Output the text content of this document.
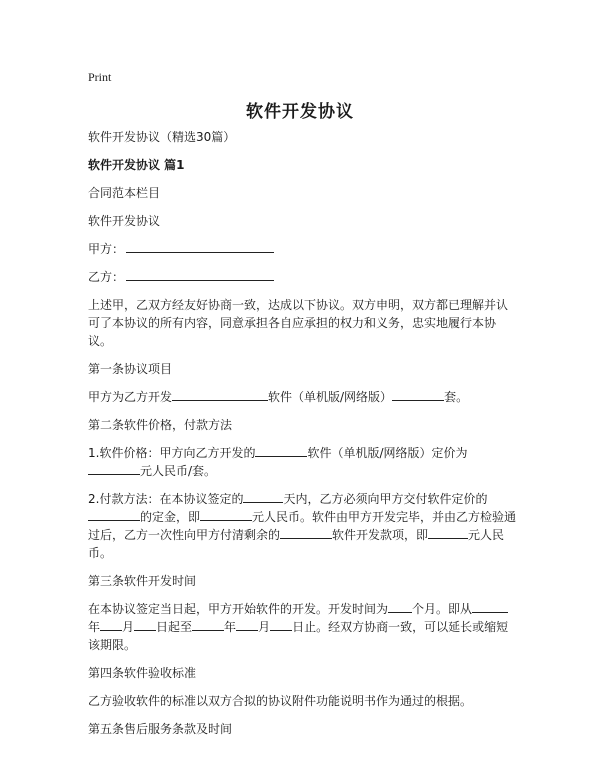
Print
软件开发协议

软件开发协议（精选30篇）

软件开发协议 篇1

合同范本栏目

软件开发协议

甲方：

乙方：

上述甲，乙双方经友好协商一致，达成以下协议。双方申明，双方都已理解并认可了本协议的所有内容，同意承担各自应承担的权力和义务，忠实地履行本协议。

第一条协议项目

甲方为乙方开发	软件（单机版/网络版）	套。

第二条软件价格，付款方法

1.软件价格：甲方向乙方开发的	软件（单机版/网络版）定价为
元人民币/套。

2.付款方法：在本协议签定的	天内，乙方必须向甲方交付软件定价的
的定金，即	元人民币。软件由甲方开发完毕，并由乙方检验通过后，乙方一次性向甲方付清剩余的	软件开发款项，即	元人民币。

第三条软件开发时间

在本协议签定当日起，甲方开始软件的开发。开发时间为 个月。即从
年 月 日起至	年 月 日止。经双方协商一致，可以延长或缩短该期限。

第四条软件验收标准

乙方验收软件的标准以双方合拟的协议附件功能说明书作为通过的根据。

第五条售后服务条款及时间
